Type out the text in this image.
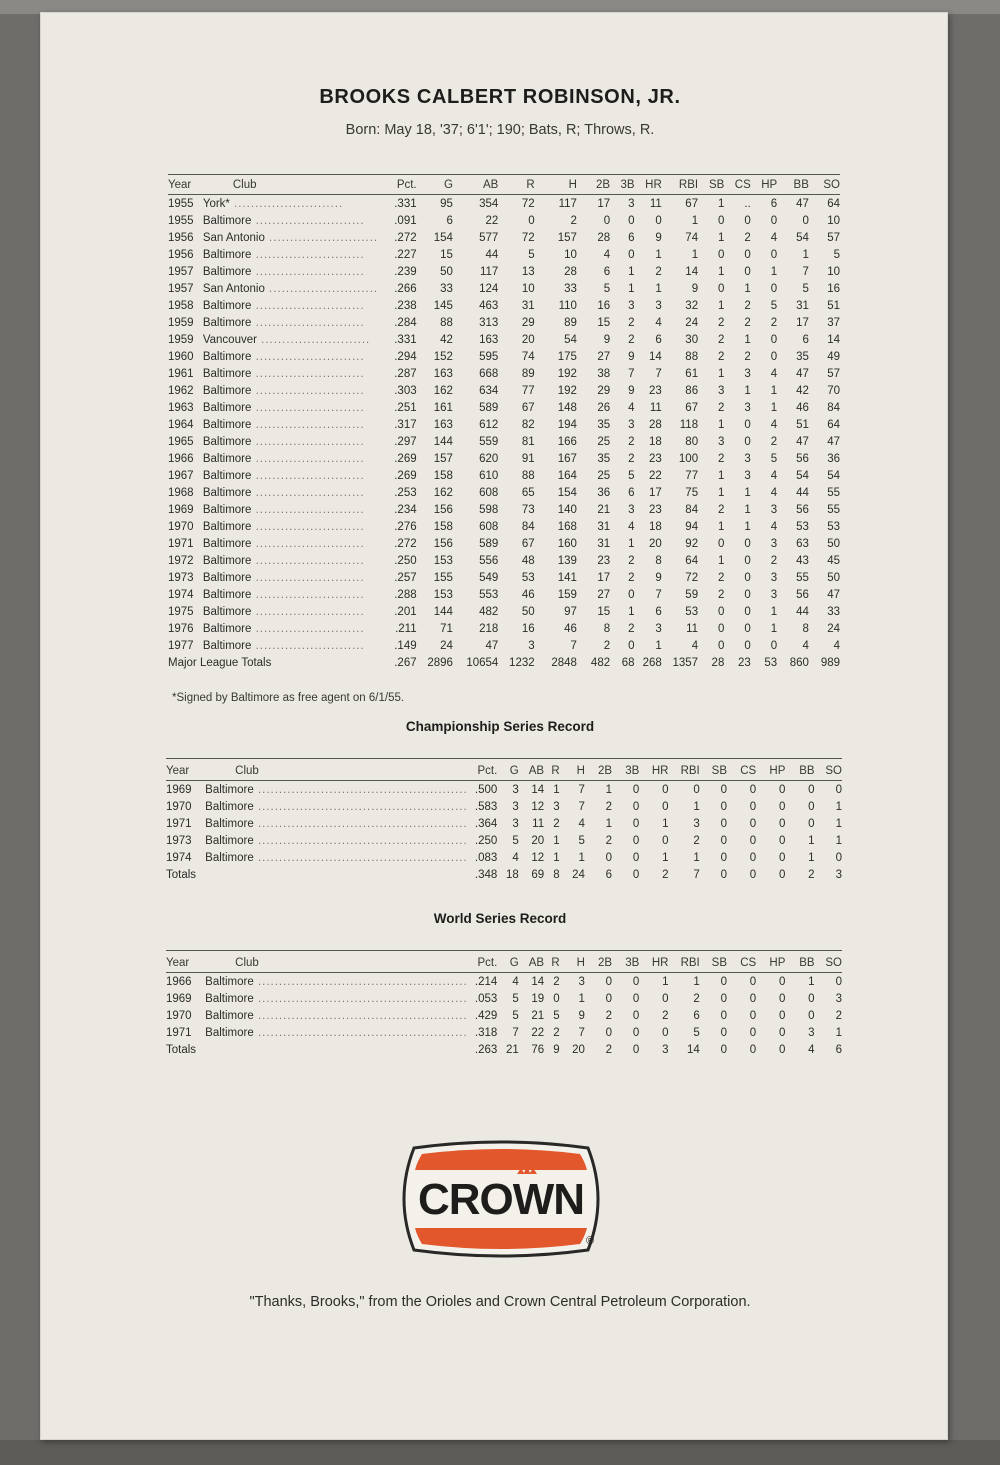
BROOKS CALBERT ROBINSON, JR.
Born: May 18, '37; 6'1'; 190; Bats, R; Throws, R.
Year	Club	Pct.	G	AB	R	H	2B	3B	HR	RBI	SB	CS	HP	BB	SO
1955	York* ..........................	.331	95	354	72	117	17	3	11	67	1	..	6	47	64
1955	Baltimore ..........................	.091	6	22	0	2	0	0	0	1	0	0	0	0	10
1956	San Antonio ..........................	.272	154	577	72	157	28	6	9	74	1	2	4	54	57
1956	Baltimore ..........................	.227	15	44	5	10	4	0	1	1	0	0	0	1	5
1957	Baltimore ..........................	.239	50	117	13	28	6	1	2	14	1	0	1	7	10
1957	San Antonio ..........................	.266	33	124	10	33	5	1	1	9	0	1	0	5	16
1958	Baltimore ..........................	.238	145	463	31	110	16	3	3	32	1	2	5	31	51
1959	Baltimore ..........................	.284	88	313	29	89	15	2	4	24	2	2	2	17	37
1959	Vancouver ..........................	.331	42	163	20	54	9	2	6	30	2	1	0	6	14
1960	Baltimore ..........................	.294	152	595	74	175	27	9	14	88	2	2	0	35	49
1961	Baltimore ..........................	.287	163	668	89	192	38	7	7	61	1	3	4	47	57
1962	Baltimore ..........................	.303	162	634	77	192	29	9	23	86	3	1	1	42	70
1963	Baltimore ..........................	.251	161	589	67	148	26	4	11	67	2	3	1	46	84
1964	Baltimore ..........................	.317	163	612	82	194	35	3	28	118	1	0	4	51	64
1965	Baltimore ..........................	.297	144	559	81	166	25	2	18	80	3	0	2	47	47
1966	Baltimore ..........................	.269	157	620	91	167	35	2	23	100	2	3	5	56	36
1967	Baltimore ..........................	.269	158	610	88	164	25	5	22	77	1	3	4	54	54
1968	Baltimore ..........................	.253	162	608	65	154	36	6	17	75	1	1	4	44	55
1969	Baltimore ..........................	.234	156	598	73	140	21	3	23	84	2	1	3	56	55
1970	Baltimore ..........................	.276	158	608	84	168	31	4	18	94	1	1	4	53	53
1971	Baltimore ..........................	.272	156	589	67	160	31	1	20	92	0	0	3	63	50
1972	Baltimore ..........................	.250	153	556	48	139	23	2	8	64	1	0	2	43	45
1973	Baltimore ..........................	.257	155	549	53	141	17	2	9	72	2	0	3	55	50
1974	Baltimore ..........................	.288	153	553	46	159	27	0	7	59	2	0	3	56	47
1975	Baltimore ..........................	.201	144	482	50	97	15	1	6	53	0	0	1	44	33
1976	Baltimore ..........................	.211	71	218	16	46	8	2	3	11	0	0	1	8	24
1977	Baltimore ..........................	.149	24	47	3	7	2	0	1	4	0	0	0	4	4
Major League Totals		.267	2896	10654	1232	2848	482	68	268	1357	28	23	53	860	989
*Signed by Baltimore as free agent on 6/1/55.
Championship Series Record
Year	Club	Pct.	G	AB	R	H	2B	3B	HR	RBI	SB	CS	HP	BB	SO
1969	Baltimore ..................................................	.500	3	14	1	7	1	0	0	0	0	0	0	0	0
1970	Baltimore ..................................................	.583	3	12	3	7	2	0	0	1	0	0	0	0	1
1971	Baltimore ..................................................	.364	3	11	2	4	1	0	1	3	0	0	0	0	1
1973	Baltimore ..................................................	.250	5	20	1	5	2	0	0	2	0	0	0	1	1
1974	Baltimore ..................................................	.083	4	12	1	1	0	0	1	1	0	0	0	1	0
Totals		.348	18	69	8	24	6	0	2	7	0	0	0	2	3
World Series Record
Year	Club	Pct.	G	AB	R	H	2B	3B	HR	RBI	SB	CS	HP	BB	SO
1966	Baltimore ..................................................	.214	4	14	2	3	0	0	1	1	0	0	0	1	0
1969	Baltimore ..................................................	.053	5	19	0	1	0	0	0	2	0	0	0	0	3
1970	Baltimore ..................................................	.429	5	21	5	9	2	0	2	6	0	0	0	0	2
1971	Baltimore ..................................................	.318	7	22	2	7	0	0	0	5	0	0	0	3	1
Totals		.263	21	76	9	20	2	0	3	14	0	0	0	4	6
CROWN
®
"Thanks, Brooks," from the Orioles and Crown Central Petroleum Corporation.
